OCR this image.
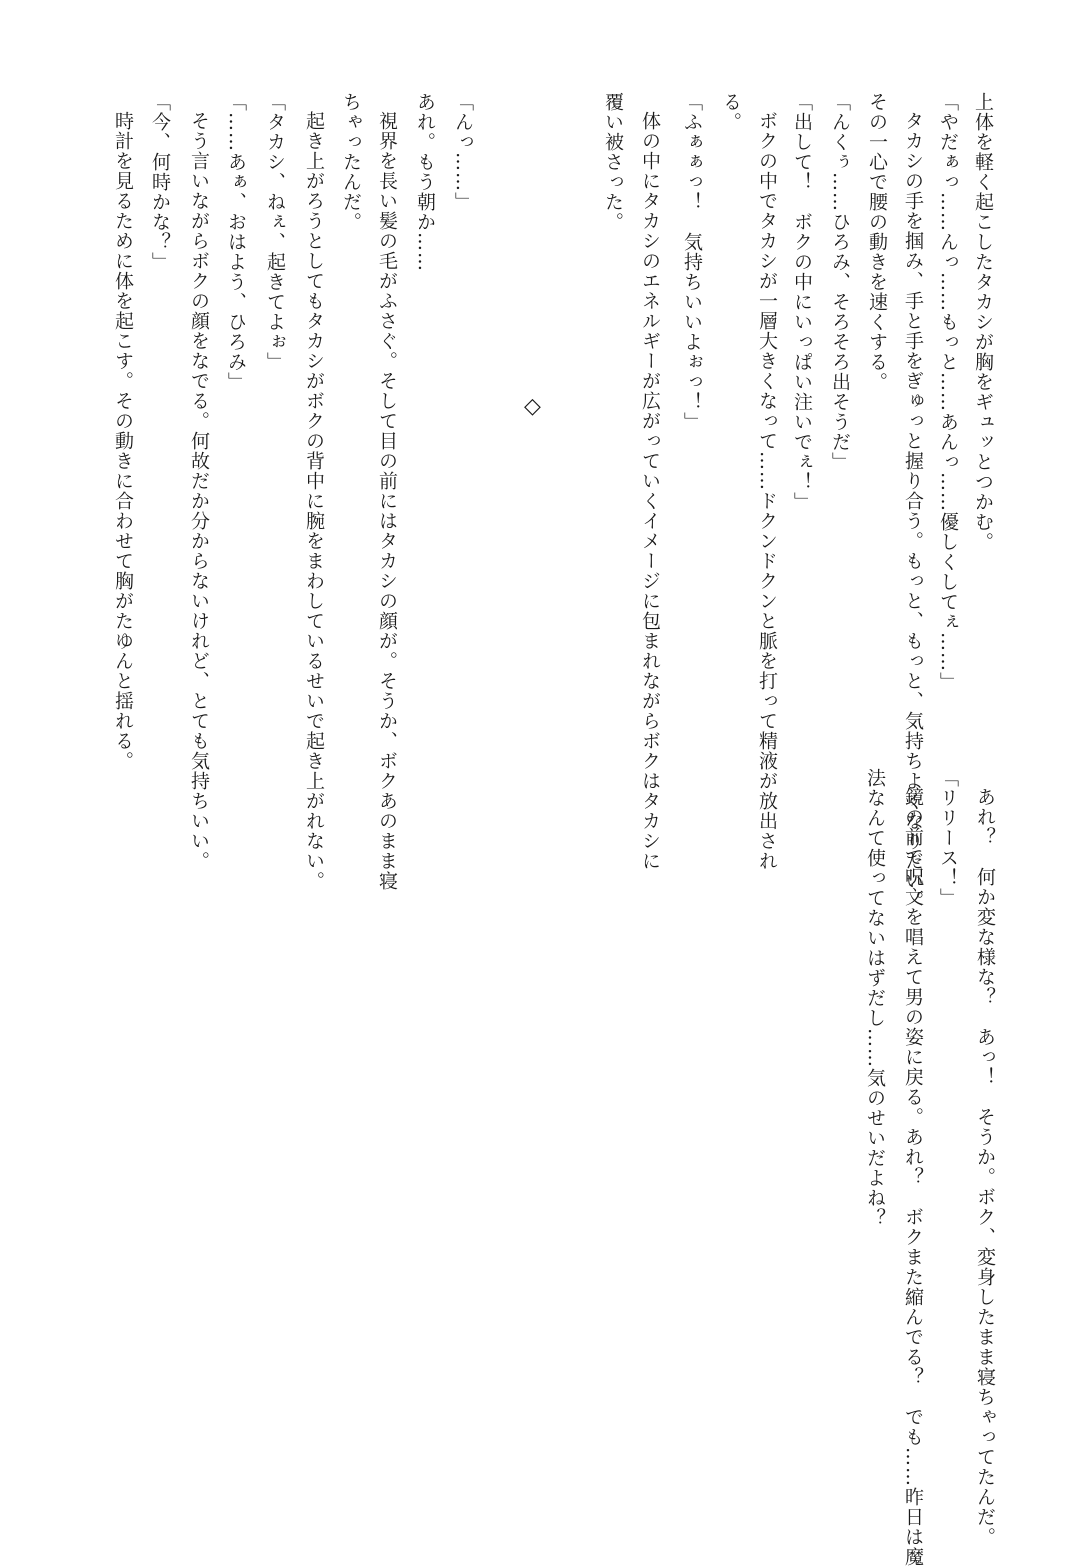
上体を軽く起こしたタカシが胸をギュッとつかむ。
「やだぁっ……んっ……もっと……あんっ……優しくしてぇ……」
タカシの手を掴み、手と手をぎゅっと握り合う。もっと、もっと、気持ちよくなりたい。
その一心で腰の動きを速くする。
「んくぅ……ひろみ、そろそろ出そうだ」
「出して！　ボクの中にいっぱい注いでぇ！」
ボクの中でタカシが一層大きくなって……ドクンドクンと脈を打って精液が放出され
る。
「ふぁぁっ！　気持ちいいよぉっ！」
体の中にタカシのエネルギーが広がっていくイメージに包まれながらボクはタカシに
覆い被さった。
◇
「んっ……」
あれ。もう朝か……
視界を長い髪の毛がふさぐ。そして目の前にはタカシの顔が。そうか、ボクあのまま寝
ちゃったんだ。
起き上がろうとしてもタカシがボクの背中に腕をまわしているせいで起き上がれない。
「タカシ、ねぇ、起きてよぉ」
「……あぁ、おはよう、ひろみ」
そう言いながらボクの顔をなでる。何故だか分からないけれど、とても気持ちいい。
「今、何時かな？」
時計を見るために体を起こす。その動きに合わせて胸がたゆんと揺れる。
あれ？　何か変な様な？　あっ！　そうか。ボク、変身したまま寝ちゃってたんだ。
「リリース！」
鏡の前で呪文を唱えて男の姿に戻る。あれ？　ボクまた縮んでる？　でも……昨日は魔
法なんて使ってないはずだし……気のせいだよね？
